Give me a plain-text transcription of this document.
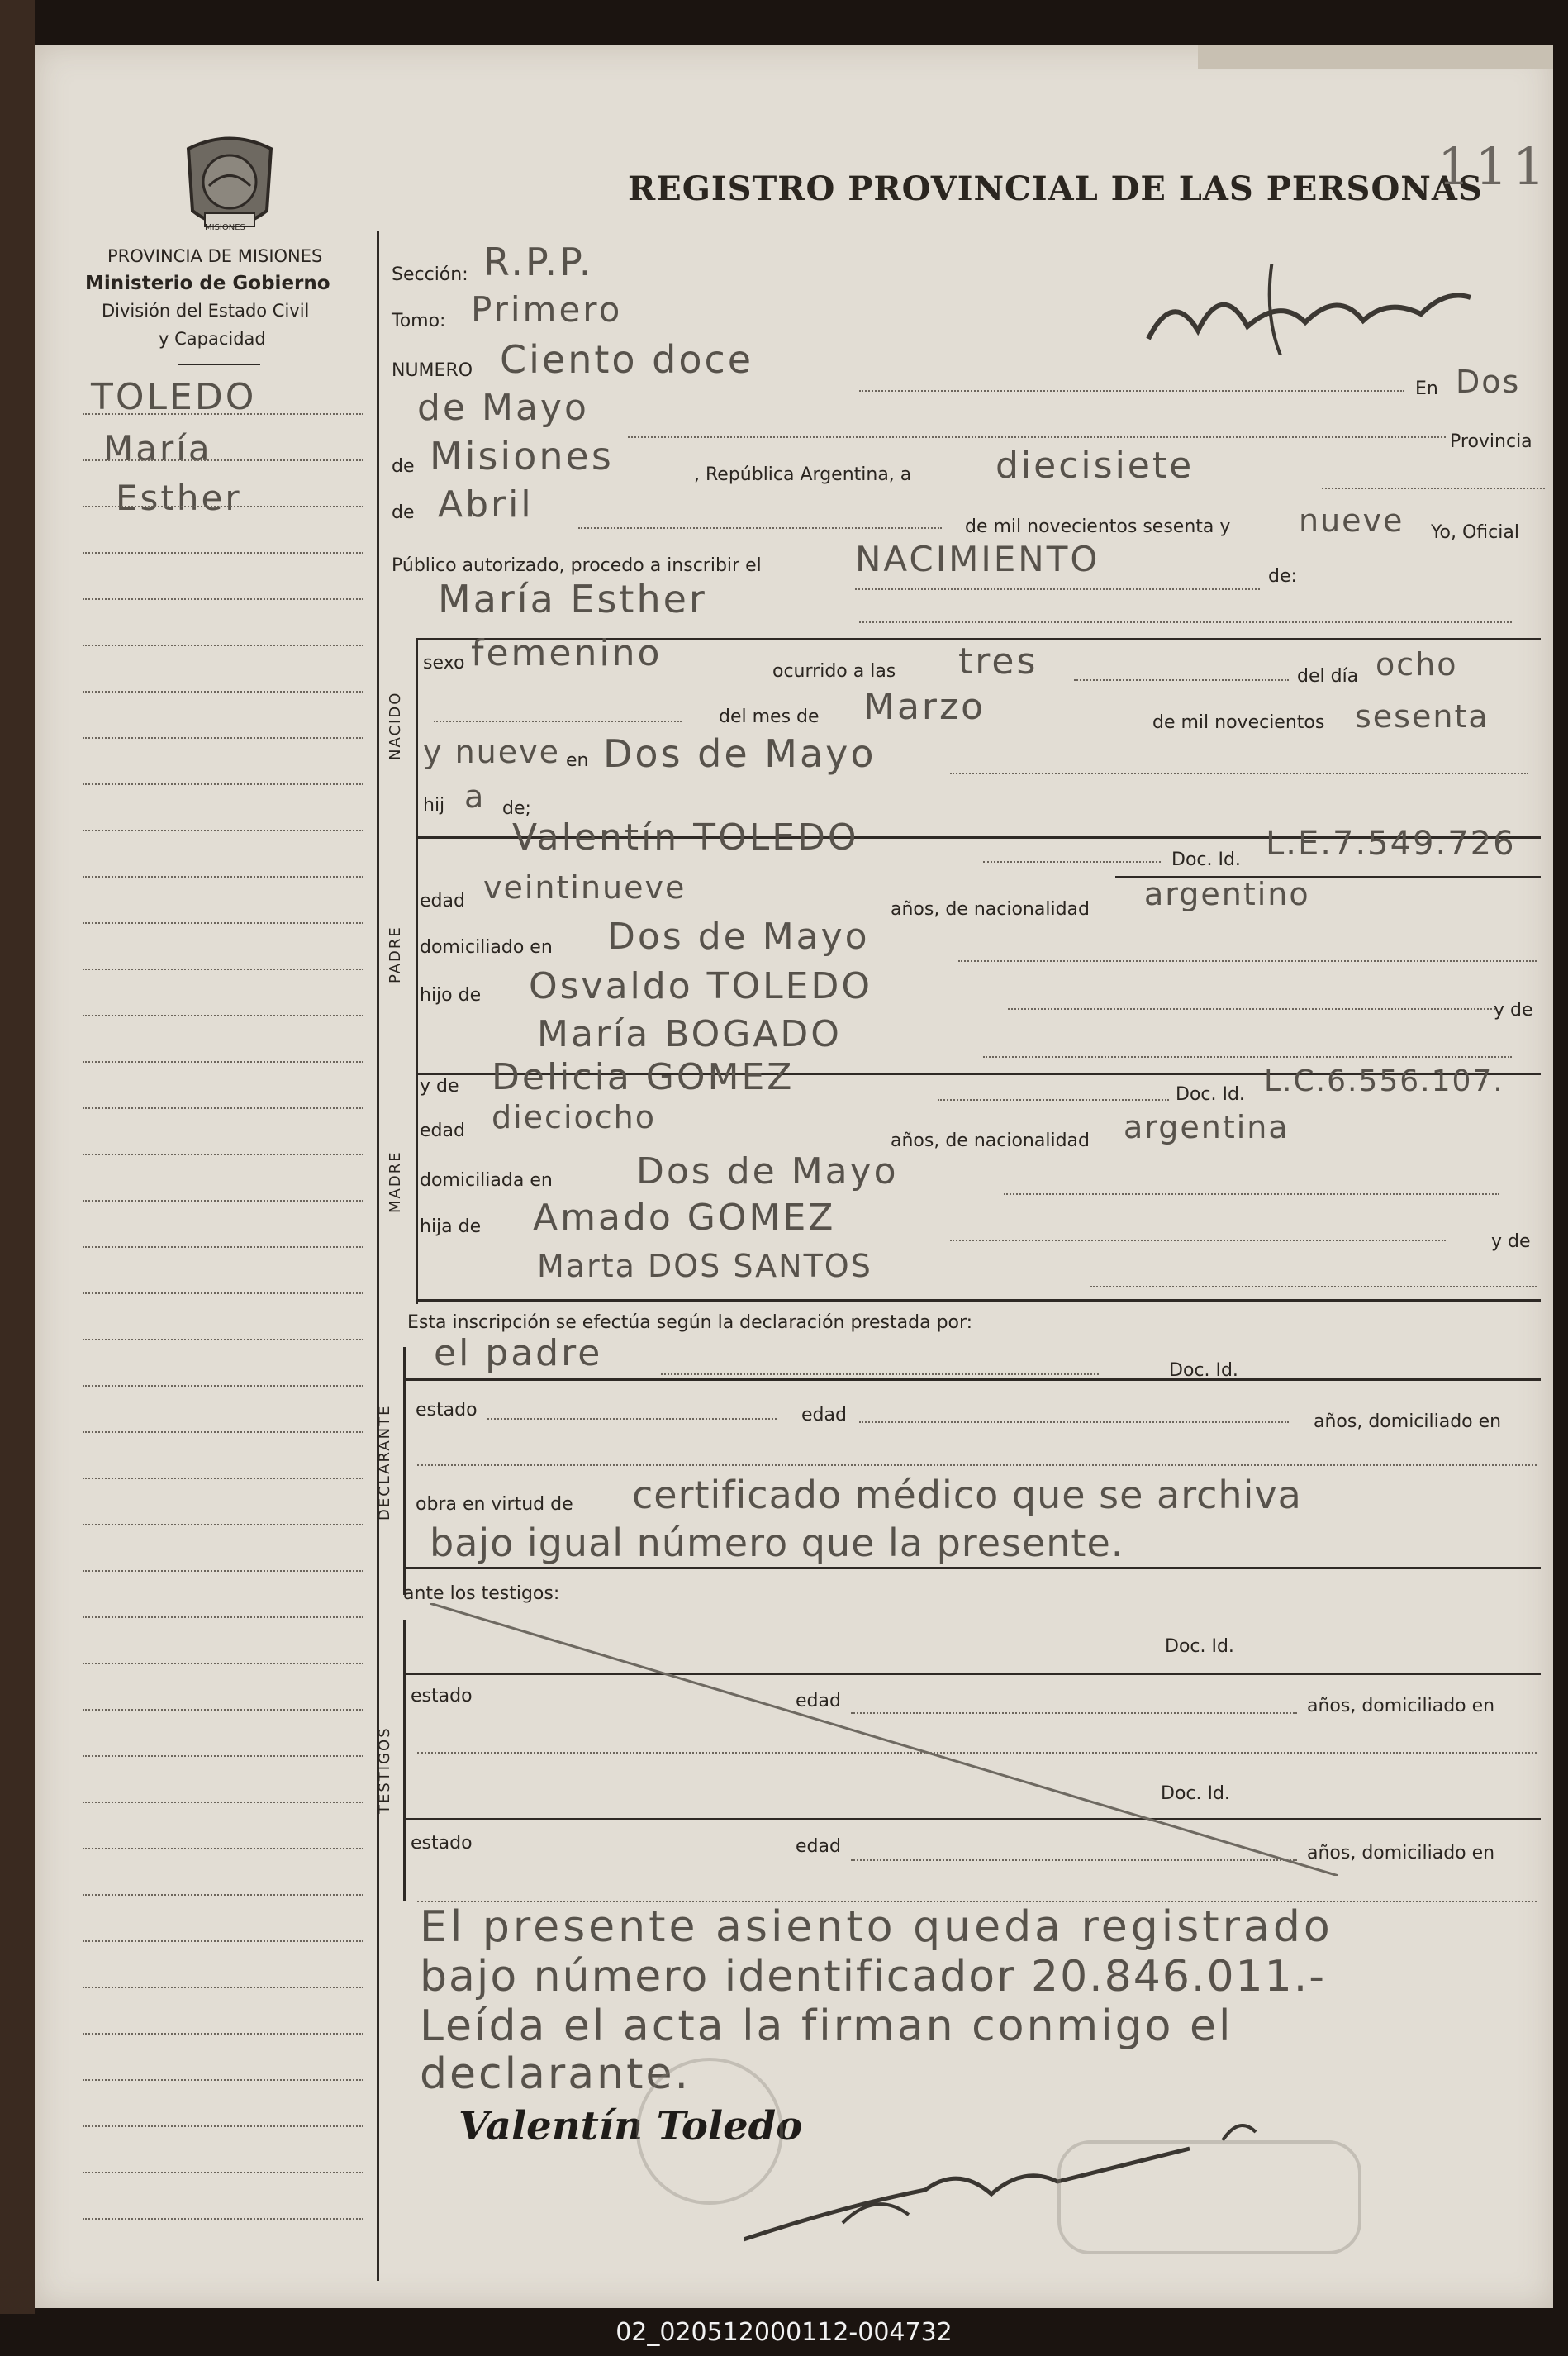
MISIONES
PROVINCIA DE MISIONES
Ministerio de Gobierno
División del Estado Civil
y Capacidad
REGISTRO PROVINCIAL DE LAS PERSONAS
111
TOLEDO
María
Esther
Sección: R.P.P.
Tomo: Primero
NUMERO Ciento doce
En Dos
de Mayo
Provincia
de Misiones	, República Argentina, a diecisiete
de Abril
de mil novecientos sesenta y nueve Yo, Oficial
Público autorizado, procedo a inscribir el	NACIMIENTO	de:
María Esther
NACIDO
sexo femenino	ocurrido a las tres	del día ocho
del mes de Marzo	de mil novecientos sesenta
y nueve en Dos de Mayo
hij a de;
PADRE
Valentín TOLEDO
Doc. Id. L.E.7.549.726
edad veintinueve
años, de nacionalidad argentino
domiciliado en Dos de Mayo
hijo de Osvaldo TOLEDO
y de
María BOGADO
MADRE
y de Delicia GOMEZ	Doc. Id. L.C.6.556.107.
edad dieciocho
años, de nacionalidad argentina
domiciliada en Dos de Mayo
hija de Amado GOMEZ
y de
Marta DOS SANTOS
Esta inscripción se efectúa según la declaración prestada por:
DECLARANTE
el padre	Doc. Id.
estado	edad	años, domiciliado en
obra en virtud de certificado médico que se archiva
bajo igual número que la presente.
ante los testigos:
TESTIGOS
Doc. Id.
estado	edad	años, domiciliado en
Doc. Id.
estado	edad	años, domiciliado en
El presente asiento queda registrado
bajo número identificador 20.846.011.-
Leída el acta la firman conmigo el
declarante.
Valentín Toledo
02_020512000112-004732
